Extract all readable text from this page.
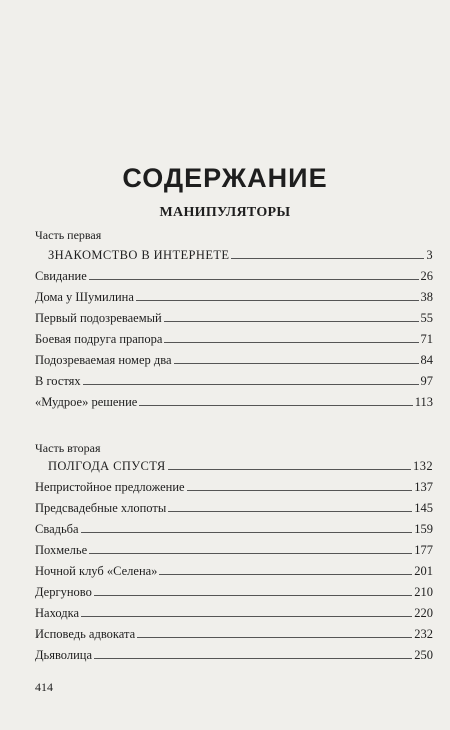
СОДЕРЖАНИЕ
МАНИПУЛЯТОРЫ
Часть первая
ЗНАКОМСТВО В ИНТЕРНЕТЕ	3
Свидание	26
Дома у Шумилина	38
Первый подозреваемый	55
Боевая подруга прапора	71
Подозреваемая номер два	84
В гостях	97
«Мудрое» решение	113
Часть вторая
ПОЛГОДА СПУСТЯ	132
Непристойное предложение	137
Предсвадебные хлопоты	145
Свадьба	159
Похмелье	177
Ночной клуб «Селена»	201
Дергуново	210
Находка	220
Исповедь адвоката	232
Дьяволица	250
414
